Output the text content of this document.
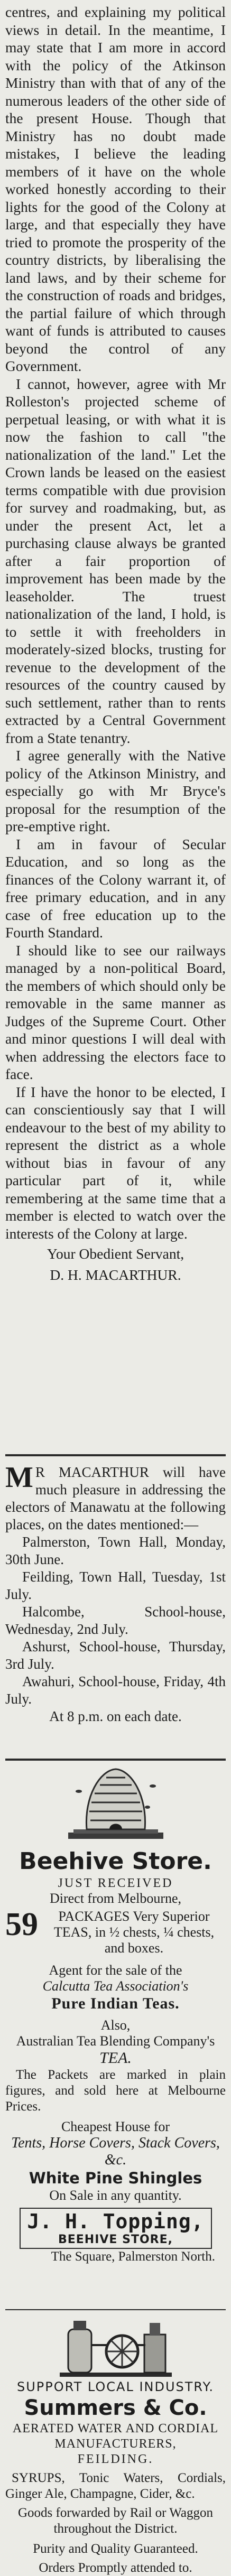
centres, and explaining my political views in detail. In the meantime, I may state that I am more in accord with the policy of the Atkinson Ministry than with that of any of the numerous leaders of the other side of the present House. Though that Ministry has no doubt made mistakes, I believe the leading members of it have on the whole worked honestly according to their lights for the good of the Colony at large, and that especially they have tried to promote the prosperity of the country districts, by liberalising the land laws, and by their scheme for the construction of roads and bridges, the partial failure of which through want of funds is attributed to causes beyond the control of any Government.

I cannot, however, agree with Mr Rolleston's projected scheme of perpetual leasing, or with what it is now the fashion to call "the nationalization of the land." Let the Crown lands be leased on the easiest terms compatible with due provision for survey and roadmaking, but, as under the present Act, let a purchasing clause always be granted after a fair proportion of improvement has been made by the leaseholder. The truest nationalization of the land, I hold, is to settle it with freeholders in moderately-sized blocks, trusting for revenue to the development of the resources of the country caused by such settlement, rather than to rents extracted by a Central Government from a State tenantry.

I agree generally with the Native policy of the Atkinson Ministry, and especially go with Mr Bryce's proposal for the resumption of the pre-emptive right.

I am in favour of Secular Education, and so long as the finances of the Colony warrant it, of free primary education, and in any case of free education up to the Fourth Standard.

I should like to see our railways managed by a non-political Board, the members of which should only be removable in the same manner as Judges of the Supreme Court. Other and minor questions I will deal with when addressing the electors face to face.

If I have the honor to be elected, I can conscientiously say that I will endeavour to the best of my ability to represent the district as a whole without bias in favour of any particular part of it, while remembering at the same time that a member is elected to watch over the interests of the Colony at large.

Your Obedient Servant,
D. H. MACARTHUR.

M R MACARTHUR will have much pleasure in addressing the electors of Manawatu at the following places, on the dates mentioned:—

Palmerston, Town Hall, Monday, 30th June.

Feilding, Town Hall, Tuesday, 1st July.

Halcombe, School-house, Wednesday, 2nd July.

Ashurst, School-house, Thursday, 3rd July.

Awahuri, School-house, Friday, 4th July.

At 8 p.m. on each date.

Beehive Store.
JUST RECEIVED
Direct from Melbourne,
59	PACKAGES Very Superior TEAS, in ½ chests, ¼ chests, and boxes.
Agent for the sale of the
Calcutta Tea Association's
Pure Indian Teas.
Also,
Australian Tea Blending Company's
TEA.
The Packets are marked in plain figures, and sold here at Melbourne Prices.
Cheapest House for
Tents, Horse Covers, Stack Covers, &c.
White Pine Shingles
On Sale in any quantity.
J. H. Topping,
BEEHIVE STORE,
The Square, Palmerston North.
SUPPORT LOCAL INDUSTRY.
Summers & Co.
AERATED WATER AND CORDIAL MANUFACTURERS,
FEILDING.
SYRUPS, Tonic Waters, Cordials, Ginger Ale, Champagne, Cider, &c.
Goods forwarded by Rail or Waggon throughout the District.
Purity and Quality Guaranteed.
Orders Promptly attended to.
